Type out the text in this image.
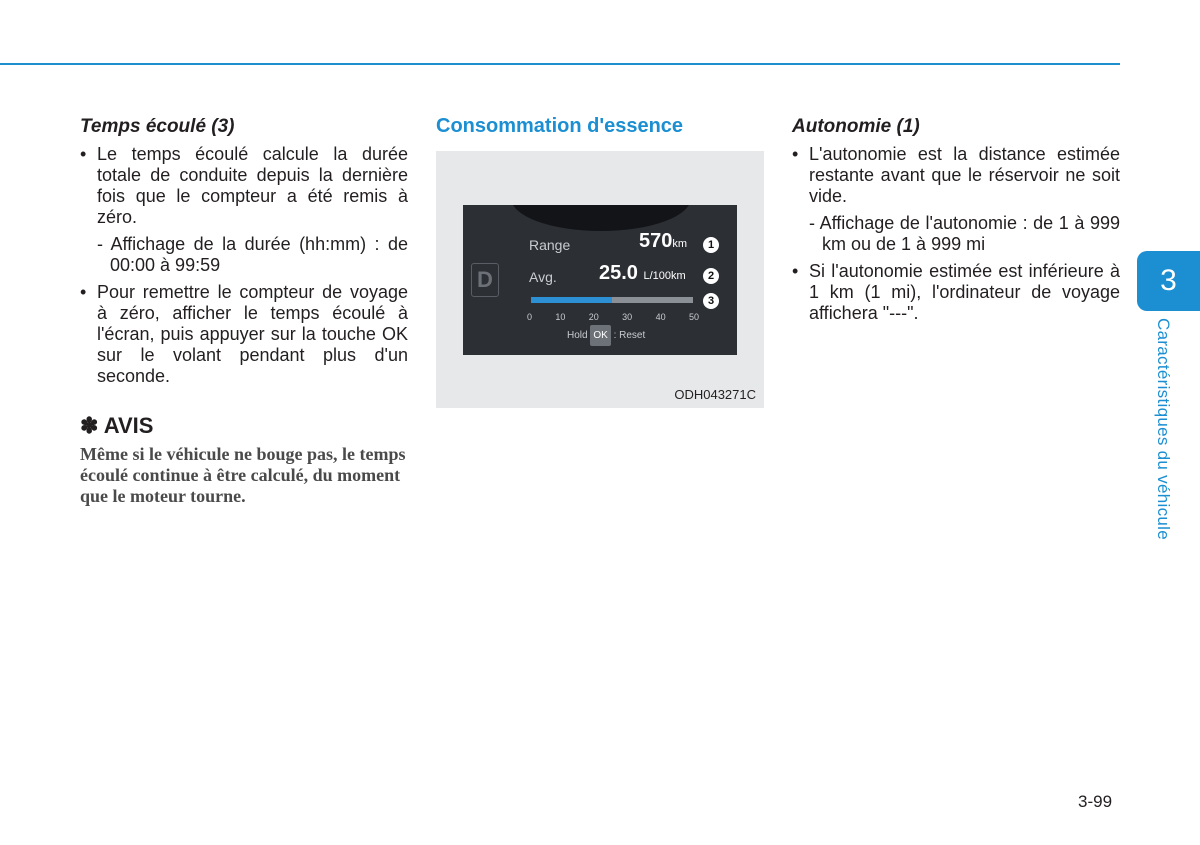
Temps écoulé (3)
• Le temps écoulé calcule la durée totale de conduite depuis la dernière fois que le compteur a été remis à zéro.
- Affichage de la durée (hh:mm) : de 00:00 à 99:59
• Pour remettre le compteur de voyage à zéro, afficher le temps écoulé à l'écran, puis appuyer sur la touche OK sur le volant pendant plus d'un seconde.
✽ AVIS
Même si le véhicule ne bouge pas, le temps écoulé continue à être calculé, du moment que le moteur tourne.
Consommation d'essence
D
Range	570km
Avg. 25.0 L/100km
0	10	20	30	40	50
Hold OK : Reset
1
2
3
ODH043271C
Autonomie (1)
• L'autonomie est la distance estimée restante avant que le réservoir ne soit vide.
- Affichage de l'autonomie : de 1 à 999 km ou de 1 à 999 mi
• Si l'autonomie estimée est inférieure à 1 km (1 mi), l'ordinateur de voyage affichera "---".
3
Caractéristiques du véhicule
3-99
